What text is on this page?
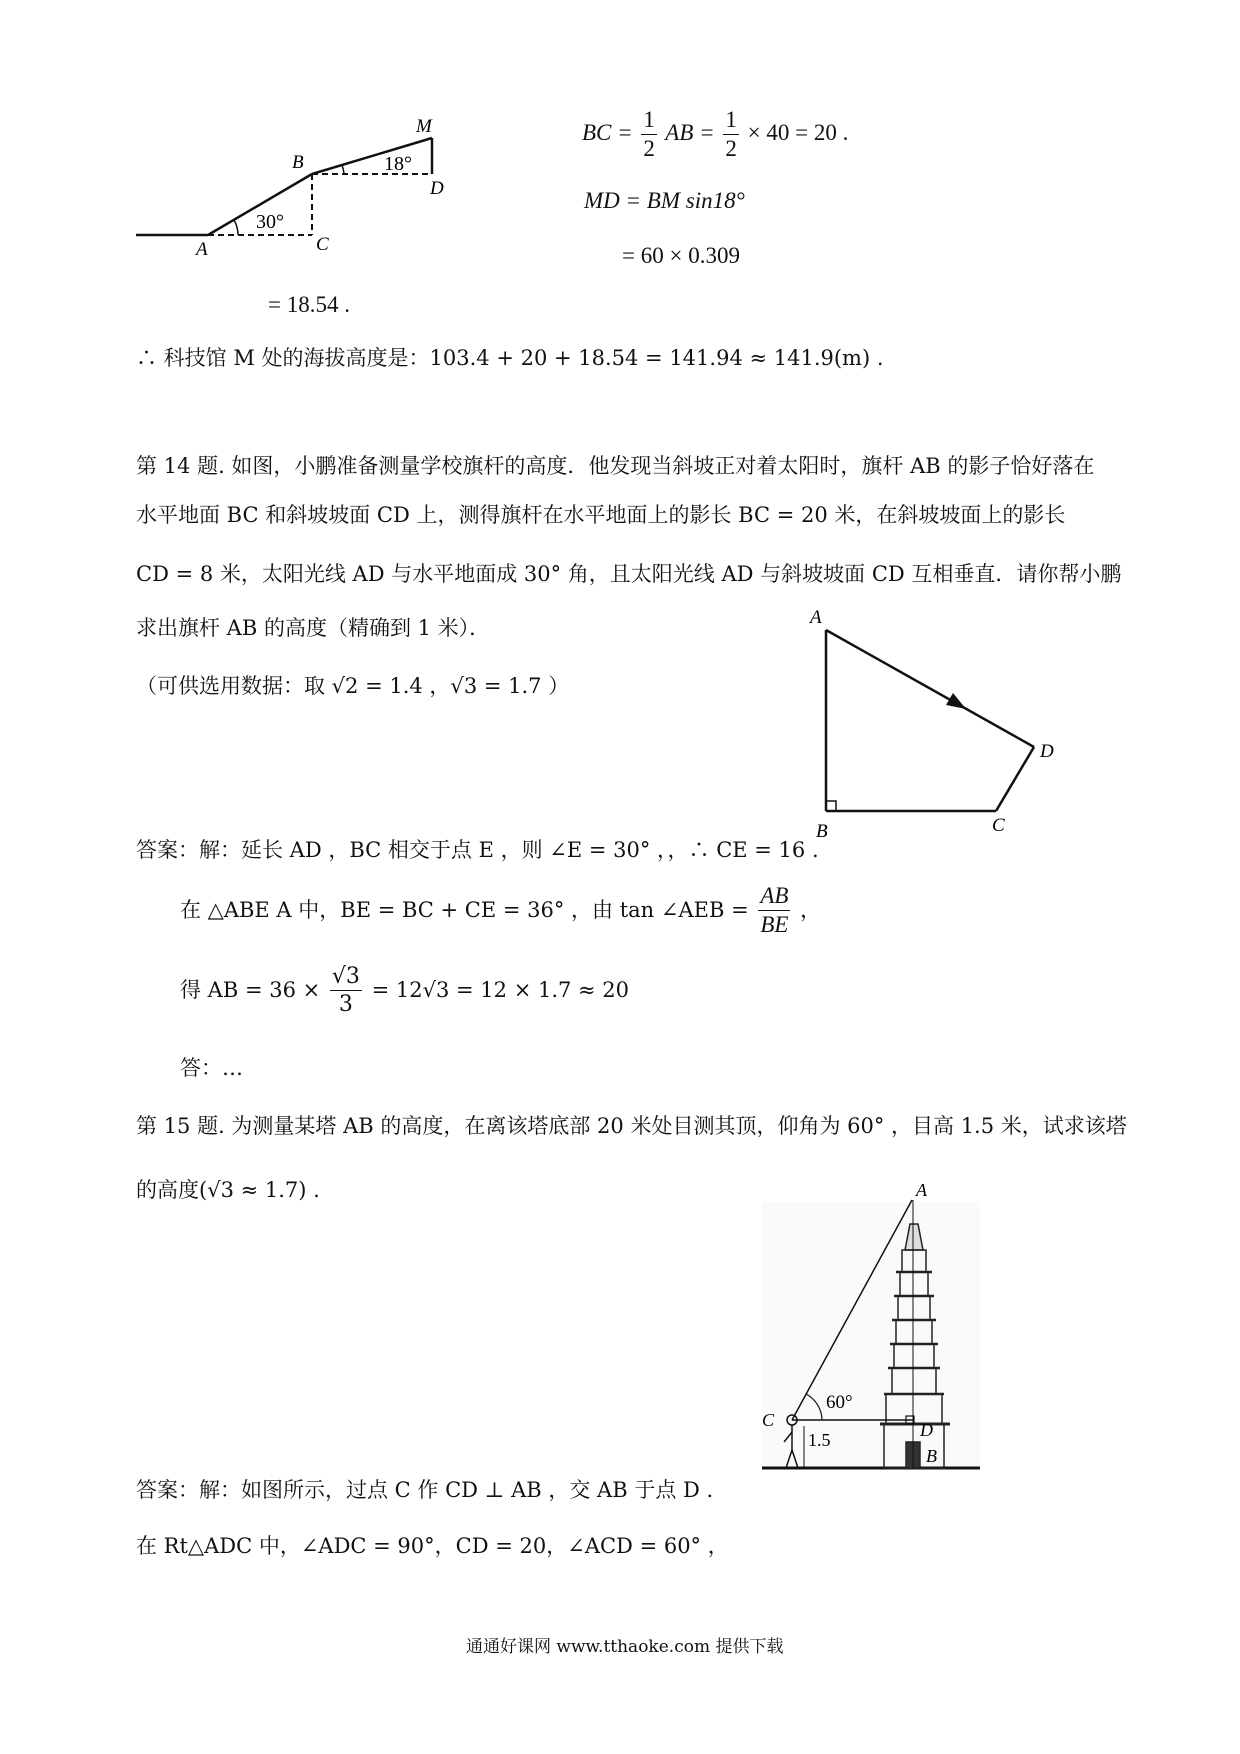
A
B
C
D
M
30°
18°
BC = $\frac{1}{2}$ AB = $\frac{1}{2} \times 40 = 20$ .
MD = BM sin18°
= 60 × 0.309
= 18.54 .
∴ 科技馆 M 处的海拔高度是：103.4 + 20 + 18.54 = 141.94 ≈ 141.9(m) .
第 14 题. 如图，小鹏准备测量学校旗杆的高度．他发现当斜坡正对着太阳时，旗杆 AB 的影子恰好落在
水平地面 BC 和斜坡坡面 CD 上，测得旗杆在水平地面上的影长 BC = 20 米，在斜坡坡面上的影长
CD = 8 米，太阳光线 AD 与水平地面成 30° 角，且太阳光线 AD 与斜坡坡面 CD 互相垂直．请你帮小鹏
求出旗杆 AB 的高度（精确到 1 米）．
（可供选用数据：取 √2 = 1.4 ，√3 = 1.7 ）
A
B	C
D
答案：解：延长 AD ，BC 相交于点 E ，则 ∠E = 30° ，，∴ CE = 16 .
在 △ABE A 中，BE = BC + CE = 36° ，由 tan ∠AEB = $\frac{AB}{BE}$ ，
得 AB = $36 \times \frac{√3}{3} = 12√3 = 12 \times 1.7 \approx 20$
答：…
第 15 题. 为测量某塔 AB 的高度，在离该塔底部 20 米处目测其顶，仰角为 60° ，目高 1.5 米，试求该塔
的高度(√3 ≈ 1.7) .	A
C	D
B
60°
1.5
答案：解：如图所示，过点 C 作 CD ⊥ AB ，交 AB 于点 D .
在 Rt△ADC 中，∠ADC = 90°，CD = 20，∠ACD = 60° ，
通通好课网 www.tthaoke.com 提供下载
